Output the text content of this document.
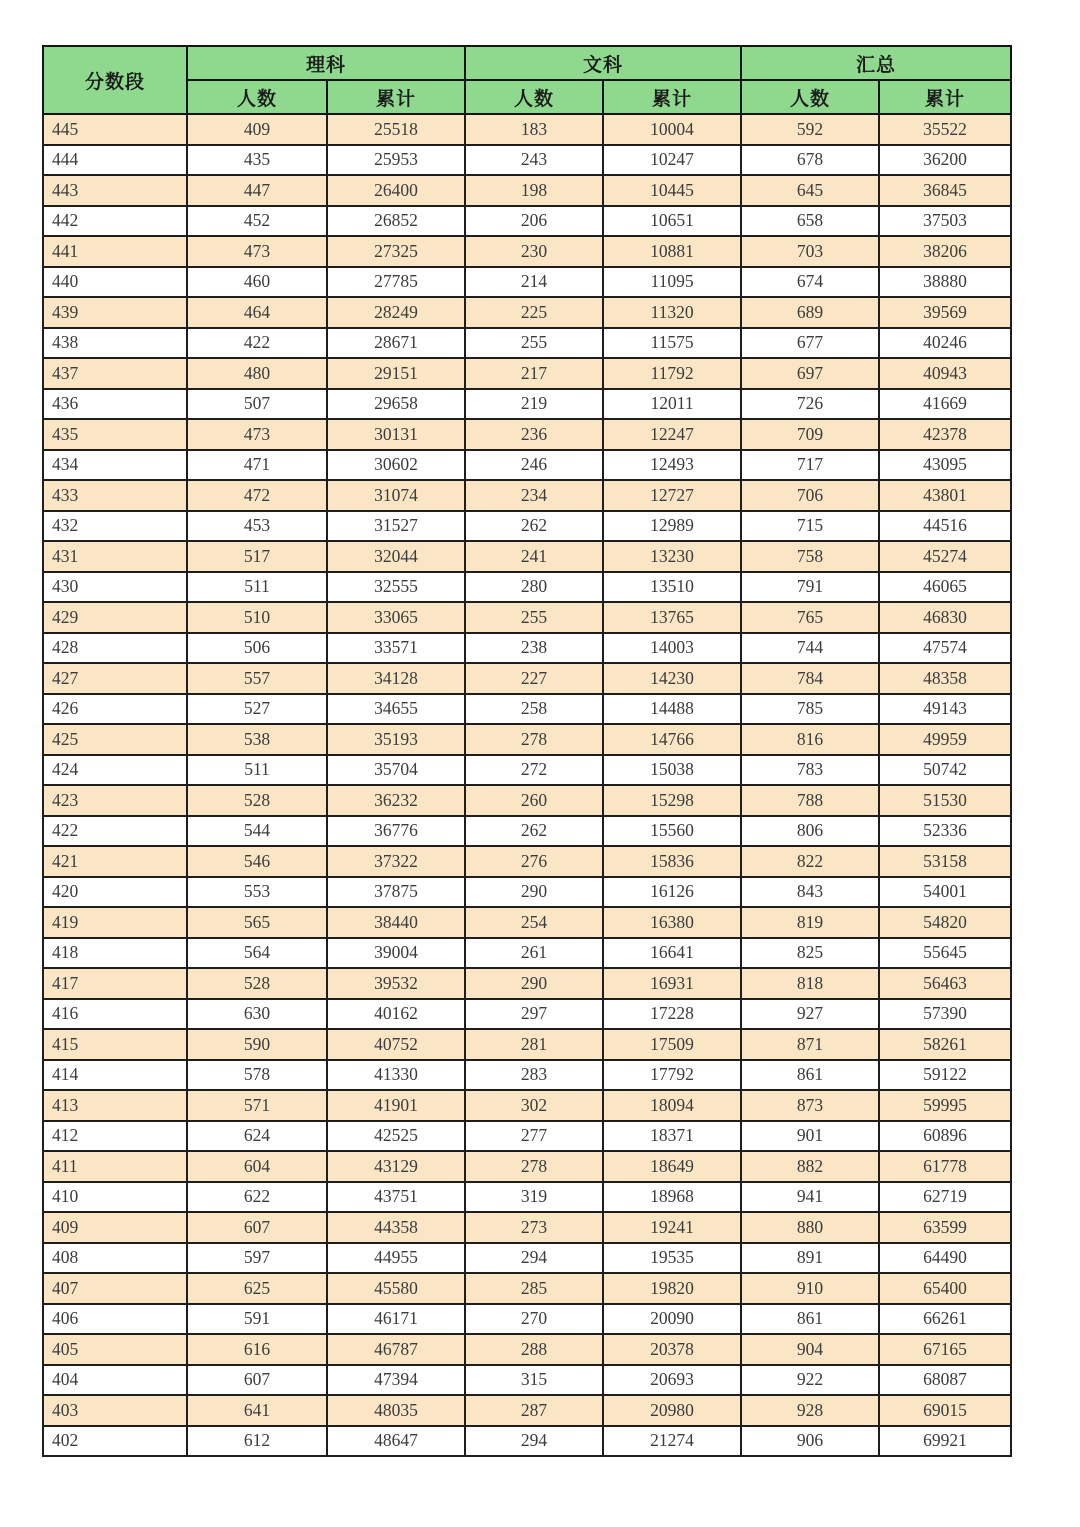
分数段	理科		文科		汇总	
	人数	累计	人数	累计	人数	累计
445	409	25518	183	10004	592	35522
444	435	25953	243	10247	678	36200
443	447	26400	198	10445	645	36845
442	452	26852	206	10651	658	37503
441	473	27325	230	10881	703	38206
440	460	27785	214	11095	674	38880
439	464	28249	225	11320	689	39569
438	422	28671	255	11575	677	40246
437	480	29151	217	11792	697	40943
436	507	29658	219	12011	726	41669
435	473	30131	236	12247	709	42378
434	471	30602	246	12493	717	43095
433	472	31074	234	12727	706	43801
432	453	31527	262	12989	715	44516
431	517	32044	241	13230	758	45274
430	511	32555	280	13510	791	46065
429	510	33065	255	13765	765	46830
428	506	33571	238	14003	744	47574
427	557	34128	227	14230	784	48358
426	527	34655	258	14488	785	49143
425	538	35193	278	14766	816	49959
424	511	35704	272	15038	783	50742
423	528	36232	260	15298	788	51530
422	544	36776	262	15560	806	52336
421	546	37322	276	15836	822	53158
420	553	37875	290	16126	843	54001
419	565	38440	254	16380	819	54820
418	564	39004	261	16641	825	55645
417	528	39532	290	16931	818	56463
416	630	40162	297	17228	927	57390
415	590	40752	281	17509	871	58261
414	578	41330	283	17792	861	59122
413	571	41901	302	18094	873	59995
412	624	42525	277	18371	901	60896
411	604	43129	278	18649	882	61778
410	622	43751	319	18968	941	62719
409	607	44358	273	19241	880	63599
408	597	44955	294	19535	891	64490
407	625	45580	285	19820	910	65400
406	591	46171	270	20090	861	66261
405	616	46787	288	20378	904	67165
404	607	47394	315	20693	922	68087
403	641	48035	287	20980	928	69015
402	612	48647	294	21274	906	69921
